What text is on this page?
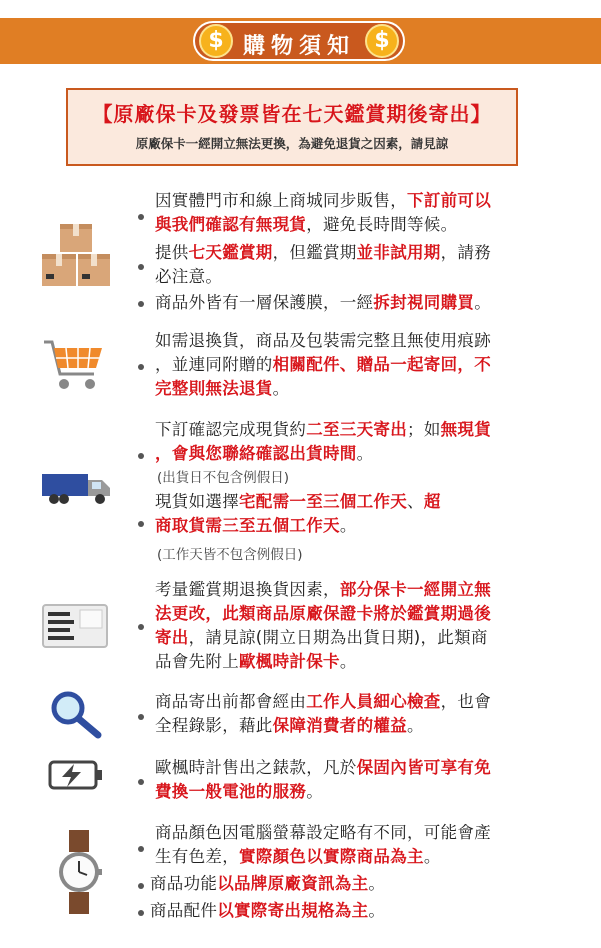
$ 購物須知 $
【原廠保卡及發票皆在七天鑑賞期後寄出】
原廠保卡一經開立無法更換，為避免退貨之因素，請見諒
因實體門市和線上商城同步販售，下訂前可以
與我們確認有無現貨，避免長時間等候。
提供七天鑑賞期，但鑑賞期並非試用期，請務
必注意。
商品外皆有一層保護膜，一經拆封視同購買。
如需退換貨，商品及包裝需完整且無使用痕跡
，並連同附贈的相關配件、贈品一起寄回，不
完整則無法退貨。
下訂確認完成現貨約二至三天寄出；如無現貨
，會與您聯絡確認出貨時間。
(出貨日不包含例假日)
現貨如選擇宅配需一至三個工作天、超
商取貨需三至五個工作天。
(工作天皆不包含例假日)
考量鑑賞期退換貨因素，部分保卡一經開立無
法更改，此類商品原廠保證卡將於鑑賞期過後
寄出，請見諒(開立日期為出貨日期)，此類商
品會先附上歐楓時計保卡。
商品寄出前都會經由工作人員細心檢查，也會
全程錄影，藉此保障消費者的權益。
歐楓時計售出之錶款，凡於保固內皆可享有免
費換一般電池的服務。
商品顏色因電腦螢幕設定略有不同，可能會產
生有色差，實際顏色以實際商品為主。
商品功能以品牌原廠資訊為主。
商品配件以實際寄出規格為主。
